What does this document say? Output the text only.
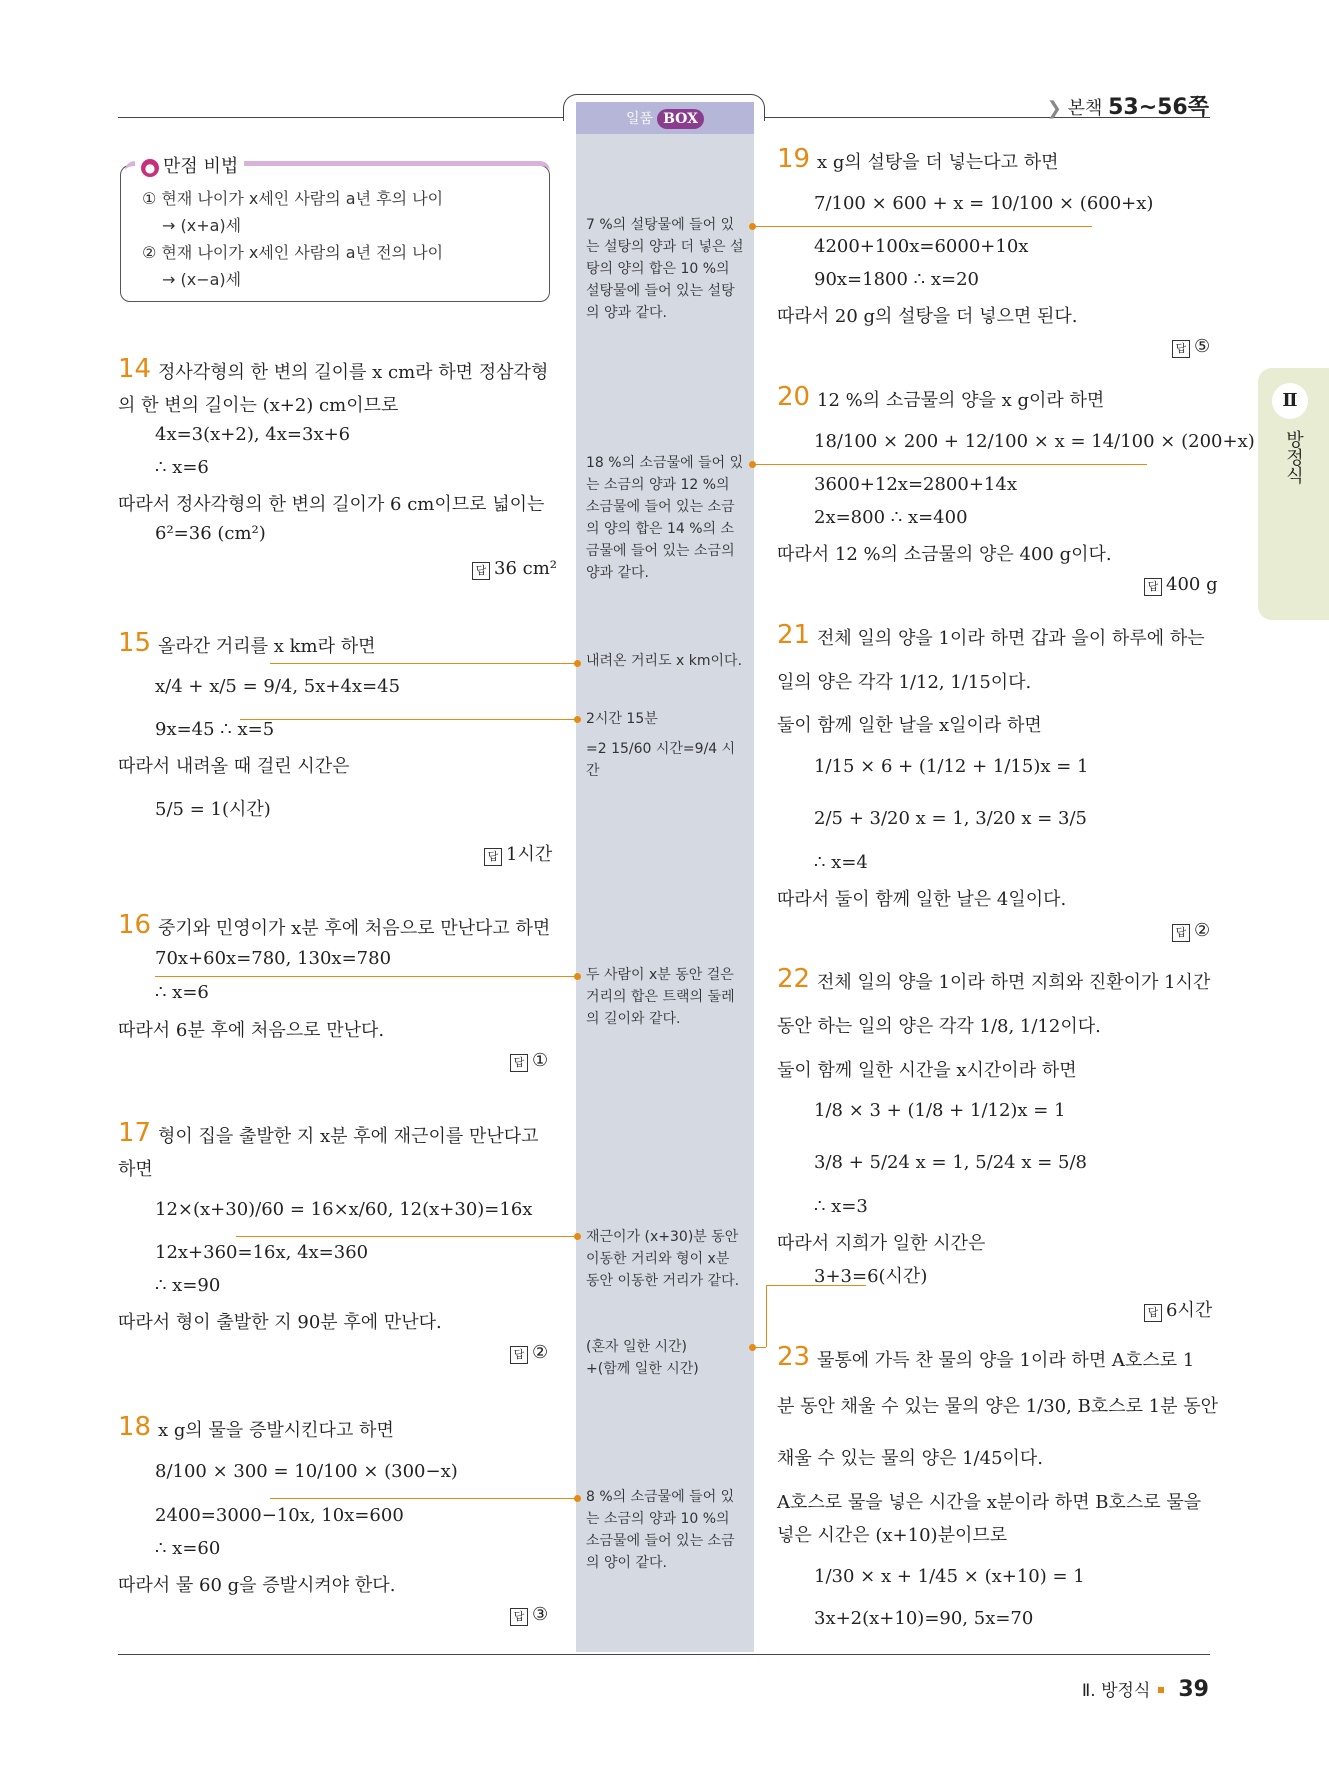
일품 BOX	❯ 본책 53~56쪽
● 만점 비법
① 현재 나이가 x세인 사람의 a년 후의 나이
→ (x+a)세
② 현재 나이가 x세인 사람의 a년 전의 나이
→ (x−a)세
14 정사각형의 한 변의 길이를 x cm라 하면 정삼각형
의 한 변의 길이는 (x+2) cm이므로
4x=3(x+2), 4x=3x+6
∴ x=6
따라서 정사각형의 한 변의 길이가 6 cm이므로 넓이는
6²=36 (cm²)
답 36 cm²
15 올라간 거리를 x km라 하면
x/4 + x/5 = 9/4, 5x+4x=45
9x=45 ∴ x=5
따라서 내려올 때 걸린 시간은
5/5 = 1(시간)
답 1시간
16 중기와 민영이가 x분 후에 처음으로 만난다고 하면
70x+60x=780, 130x=780
∴ x=6
따라서 6분 후에 처음으로 만난다.
답 ①
17 형이 집을 출발한 지 x분 후에 재근이를 만난다고
하면
12×(x+30)/60 = 16×x/60, 12(x+30)=16x
12x+360=16x, 4x=360
∴ x=90
따라서 형이 출발한 지 90분 후에 만난다.
답 ②
18 x g의 물을 증발시킨다고 하면
8/100 × 300 = 10/100 × (300−x)
2400=3000−10x, 10x=600
∴ x=60
따라서 물 60 g을 증발시켜야 한다.
답 ③
7 %의 설탕물에 들어 있는 설탕의 양과 더 넣은 설탕의 양의 합은 10 %의 설탕물에 들어 있는 설탕의 양과 같다.
18 %의 소금물에 들어 있는 소금의 양과 12 %의 소금물에 들어 있는 소금의 양의 합은 14 %의 소금물에 들어 있는 소금의 양과 같다.
내려온 거리도 x km이다.
2시간 15분
=2 15/60 시간=9/4 시간
두 사람이 x분 동안 걸은 거리의 합은 트랙의 둘레의 길이와 같다.
재근이가 (x+30)분 동안 이동한 거리와 형이 x분 동안 이동한 거리가 같다.
(혼자 일한 시간)
+(함께 일한 시간)
8 %의 소금물에 들어 있는 소금의 양과 10 %의 소금물에 들어 있는 소금의 양이 같다.
19 x g의 설탕을 더 넣는다고 하면
7/100 × 600 + x = 10/100 × (600+x)
4200+100x=6000+10x
90x=1800 ∴ x=20
따라서 20 g의 설탕을 더 넣으면 된다.
답 ⑤
20 12 %의 소금물의 양을 x g이라 하면
18/100 × 200 + 12/100 × x = 14/100 × (200+x)
3600+12x=2800+14x
2x=800 ∴ x=400
따라서 12 %의 소금물의 양은 400 g이다.
답 400 g
21 전체 일의 양을 1이라 하면 갑과 을이 하루에 하는
일의 양은 각각 1/12, 1/15이다.
둘이 함께 일한 날을 x일이라 하면
1/15 × 6 + (1/12 + 1/15)x = 1
2/5 + 3/20 x = 1, 3/20 x = 3/5
∴ x=4
따라서 둘이 함께 일한 날은 4일이다.
답 ②
22 전체 일의 양을 1이라 하면 지희와 진환이가 1시간
동안 하는 일의 양은 각각 1/8, 1/12이다.
둘이 함께 일한 시간을 x시간이라 하면
1/8 × 3 + (1/8 + 1/12)x = 1
3/8 + 5/24 x = 1, 5/24 x = 5/8
∴ x=3
따라서 지희가 일한 시간은
3+3=6(시간)
답 6시간
23 물통에 가득 찬 물의 양을 1이라 하면 A호스로 1
분 동안 채울 수 있는 물의 양은 1/30, B호스로 1분 동안
채울 수 있는 물의 양은 1/45이다.
A호스로 물을 넣은 시간을 x분이라 하면 B호스로 물을
넣은 시간은 (x+10)분이므로
1/30 × x + 1/45 × (x+10) = 1
3x+2(x+10)=90, 5x=70
Ⅱ
방정식
Ⅱ. 방정식 39
